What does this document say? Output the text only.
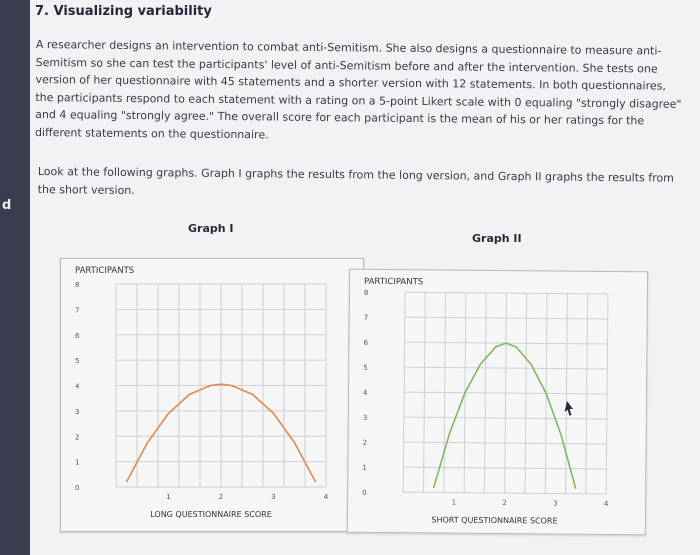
d
7. Visualizing variability
A researcher designs an intervention to combat anti-Semitism. She also designs a questionnaire to measure anti-Semitism so she can test the participants' level of anti-Semitism before and after the intervention. She tests one version of her questionnaire with 45 statements and a shorter version with 12 statements. In both questionnaires, the participants respond to each statement with a rating on a 5-point Likert scale with 0 equaling "strongly disagree" and 4 equaling "strongly agree." The overall score for each participant is the mean of his or her ratings for the different statements on the questionnaire.
Look at the following graphs. Graph I graphs the results from the long version, and Graph II graphs the results from the short version.
Graph I
Graph II
PARTICIPANTS
8
7
6
5
4
3
2
1
0
1	2	3	4
LONG QUESTIONNAIRE SCORE
PARTICIPANTS
8
7
6
5
4
3
2
1
0
1	2	3	4
SHORT QUESTIONNAIRE SCORE
